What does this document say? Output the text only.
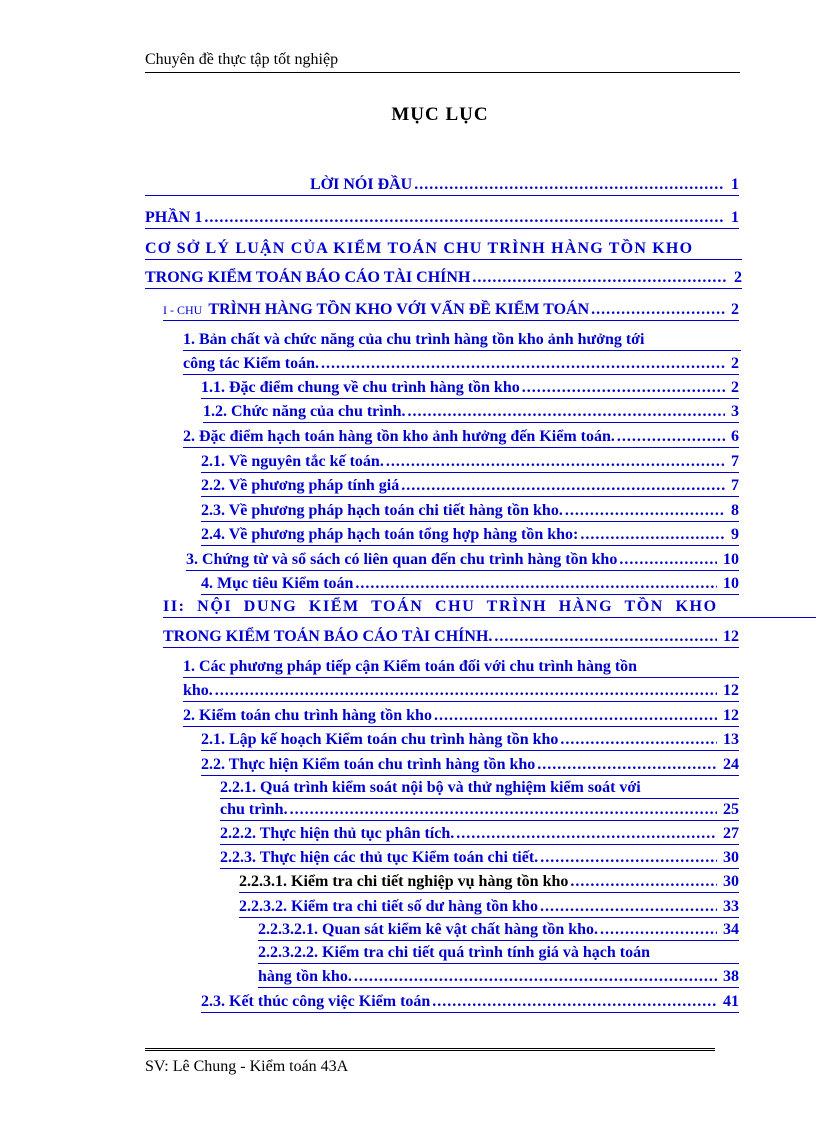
Chuyên đề thực tập tốt nghiệp
MỤC LỤC
LỜI NÓI ĐẦU .....	1
PHẦN 1 .....	1
CƠ SỞ LÝ LUẬN CỦA KIỂM TOÁN CHU TRÌNH HÀNG TỒN KHO
TRONG KIỂM TOÁN BÁO CÁO TÀI CHÍNH .....	2
I - CHU TRÌNH HÀNG TỒN KHO VỚI VẤN ĐỀ KIỂM TOÁN .....	2
1. Bản chất và chức năng của chu trình hàng tồn kho ảnh hưởng tới
công tác Kiểm toán. .....	2
1.1. Đặc điểm chung về chu trình hàng tồn kho .....	2
1.2. Chức năng của chu trình. .....	3
2. Đặc điểm hạch toán hàng tồn kho ảnh hưởng đến Kiểm toán. .....	6
2.1. Về nguyên tắc kế toán. .....	7
2.2. Về phương pháp tính giá .....	7
2.3. Về phương pháp hạch toán chi tiết hàng tồn kho. .....	8
2.4. Về phương pháp hạch toán tổng hợp hàng tồn kho: .....	9
3. Chứng từ và sổ sách có liên quan đến chu trình hàng tồn kho .....	10
4. Mục tiêu Kiểm toán .....	10
II: NỘI DUNG KIỂM TOÁN CHU TRÌNH HÀNG TỒN KHO
TRONG KIỂM TOÁN BÁO CÁO TÀI CHÍNH. .....	12
1. Các phương pháp tiếp cận Kiểm toán đối với chu trình hàng tồn
kho. .....	12
2. Kiểm toán chu trình hàng tồn kho .....	12
2.1. Lập kế hoạch Kiểm toán chu trình hàng tồn kho .....	13
2.2. Thực hiện Kiểm toán chu trình hàng tồn kho .....	24
2.2.1. Quá trình kiểm soát nội bộ và thử nghiệm kiểm soát với
chu trình. .....	25
2.2.2. Thực hiện thủ tục phân tích. .....	27
2.2.3. Thực hiện các thủ tục Kiểm toán chi tiết. .....	30
2.2.3.1. Kiểm tra chi tiết nghiệp vụ hàng tồn kho .....	30
2.2.3.2. Kiểm tra chi tiết số dư hàng tồn kho .....	33
2.2.3.2.1. Quan sát kiểm kê vật chất hàng tồn kho. .....	34
2.2.3.2.2. Kiểm tra chi tiết quá trình tính giá và hạch toán
hàng tồn kho. .....	38
2.3. Kết thúc công việc Kiểm toán .....	41
SV: Lê Chung - Kiểm toán 43A
